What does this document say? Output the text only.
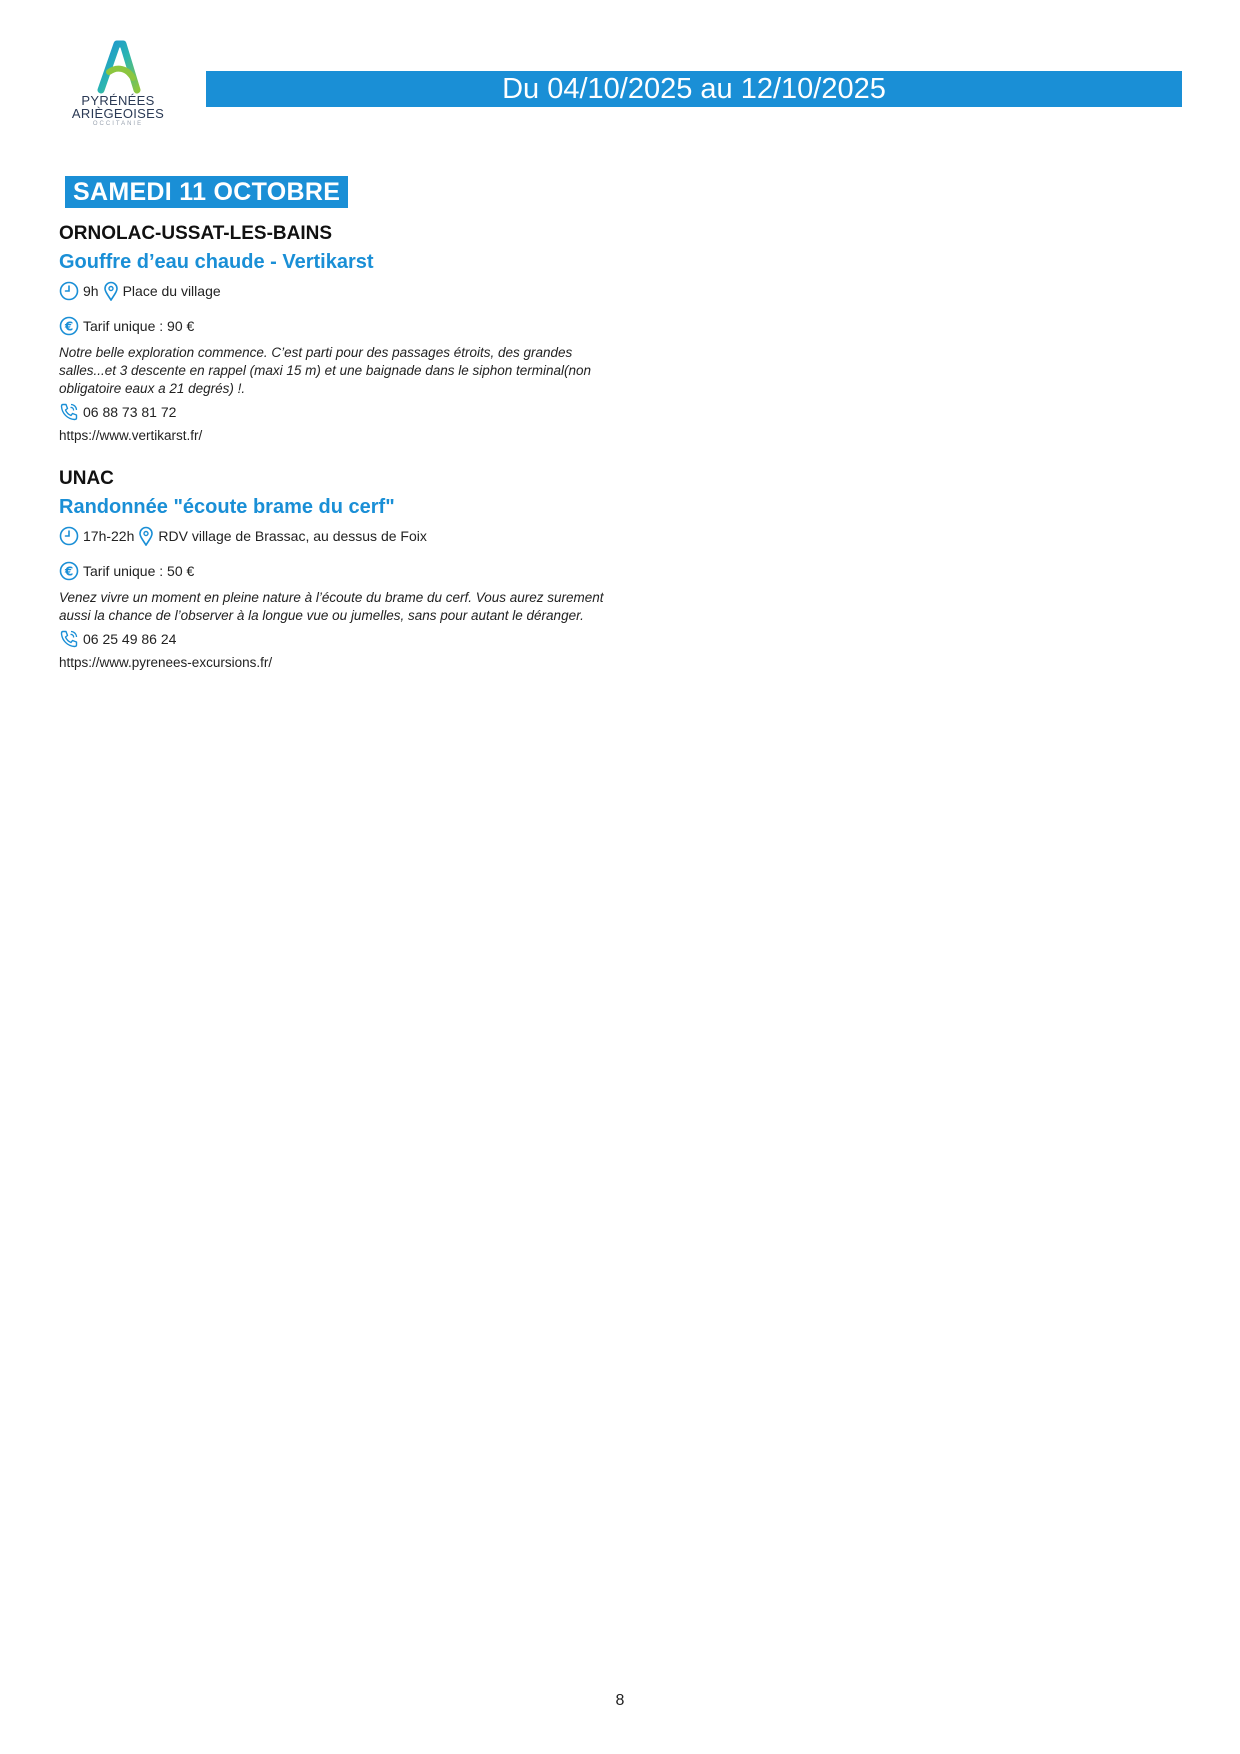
PYRÉNÉES
ARIÈGEOISES
OCCITANIE
Du 04/10/2025 au 12/10/2025
SAMEDI 11 OCTOBRE
ORNOLAC-USSAT-LES-BAINS
Gouffre d’eau chaude - Vertikarst
9h Place du village
€ Tarif unique : 90 €
Notre belle exploration commence. C’est parti pour des passages étroits, des grandes
salles...et 3 descente en rappel (maxi 15 m) et une baignade dans le siphon terminal(non
obligatoire eaux a 21 degrés) !.
06 88 73 81 72
https://www.vertikarst.fr/
UNAC
Randonnée "écoute brame du cerf"
17h-22h RDV village de Brassac, au dessus de Foix
€ Tarif unique : 50 €
Venez vivre un moment en pleine nature à l’écoute du brame du cerf. Vous aurez surement
aussi la chance de l’observer à la longue vue ou jumelles, sans pour autant le déranger.
06 25 49 86 24
https://www.pyrenees-excursions.fr/
8
